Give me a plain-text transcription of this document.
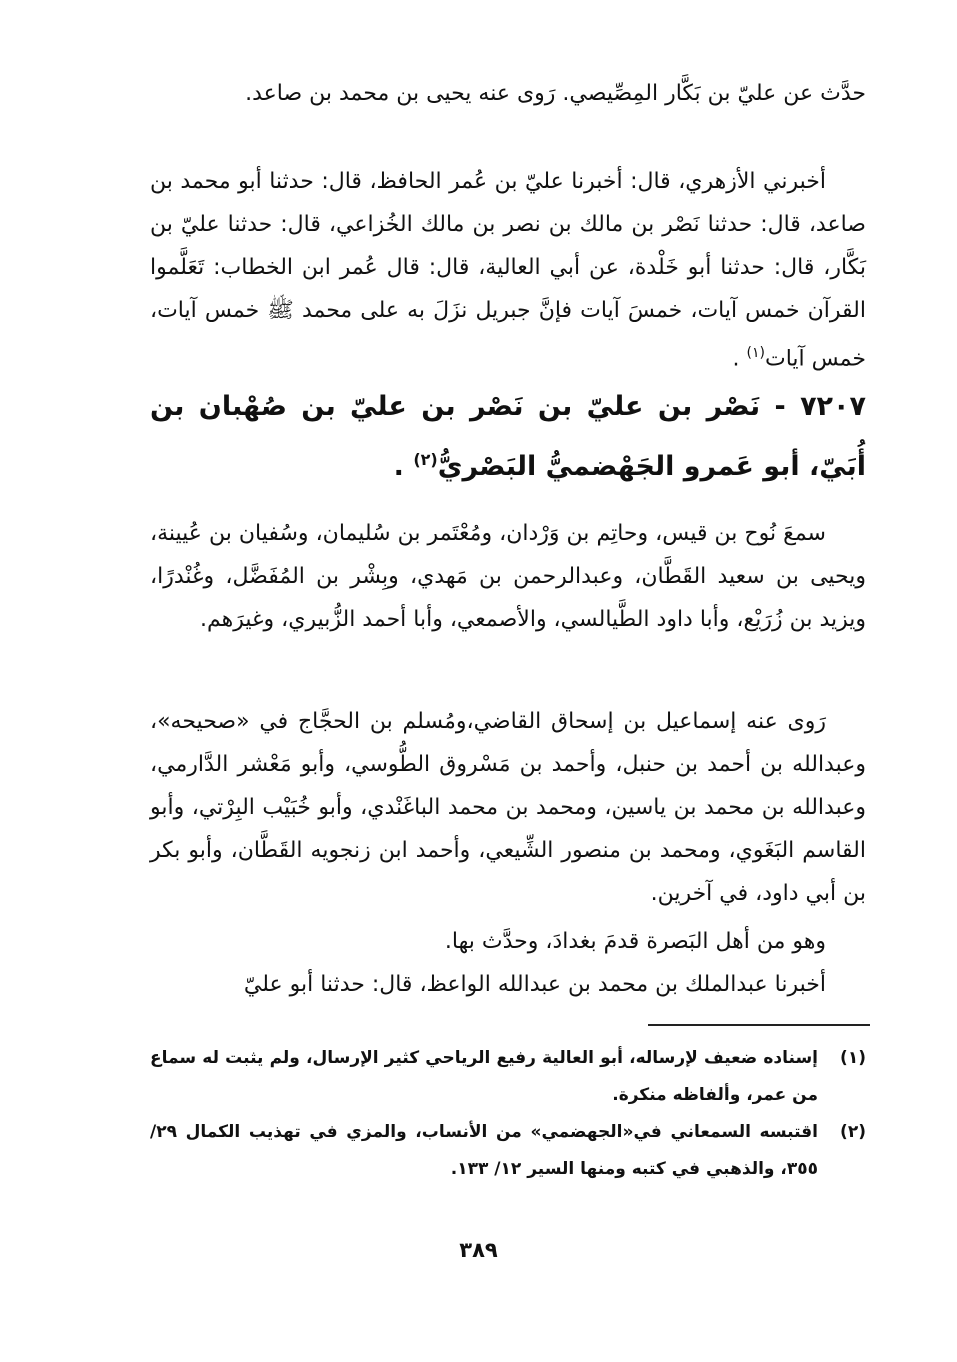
حدَّث عن عليّ بن بَكَّار المِصِّيصي. رَوى عنه يحيى بن محمد بن صاعد.
أخبرني الأزهري، قال: أخبرنا عليّ بن عُمر الحافظ، قال: حدثنا أبو محمد بن صاعد، قال: حدثنا نَصْر بن مالك بن نصر بن مالك الخُزاعي، قال: حدثنا عليّ بن بَكَّار، قال: حدثنا أبو خَلْدة، عن أبي العالية، قال: قال عُمر ابن الخطاب: تَعَلَّموا القرآن خمس آيات، خمسَ آيات فإنَّ جبريل نزَلَ به على محمد ﷺ خمس آيات، خمس آيات$^{(١)}$ .
٧٢٠٧ - نَصْر بن عليّ بن نَصْر بن عليّ بن صُهْبان بن أُبَيّ، أبو عَمرو الجَهْضميُّ البَصْريُّ$^{(٢)}$ .
سمعَ نُوح بن قيس، وحاتِم بن وَرْدان، ومُعْتَمر بن سُليمان، وسُفيان بن عُيينة، ويحيى بن سعيد القَطَّان، وعبدالرحمن بن مَهدي، وبِشْر بن المُفَضَّل، وغُنْدرًا، ويزيد بن زُرَيْع، وأبا داود الطَّيالسي، والأصمعي، وأبا أحمد الزُّبيري، وغيرَهم.
رَوى عنه إسماعيل بن إسحاق القاضي،ومُسلم بن الحجَّاج في «صحيحه»، وعبدالله بن أحمد بن حنبل، وأحمد بن مَسْروق الطُّوسي، وأبو مَعْشر الدَّارمي، وعبدالله بن محمد بن ياسين، ومحمد بن محمد الباغَنْدي، وأبو خُبَيْب البِرْتي، وأبو القاسم البَغَوي، ومحمد بن منصور الشِّيعي، وأحمد ابن زنجويه القَطَّان، وأبو بكر بن أبي داود، في آخرين.
وهو من أهل البَصرة قدمَ بغدادَ، وحدَّث بها.
أخبرنا عبدالملك بن محمد بن عبدالله الواعظ، قال: حدثنا أبو عليّ
(١)
إسناده ضعيف لإرساله، أبو العالية رفيع الرياحي كثير الإرسال، ولم يثبت له سماع من عمر، وألفاظه منكرة.
(٢)
اقتبسه السمعاني في«الجهضمي» من الأنساب، والمزي في تهذيب الكمال ٢٩/ ٣٥٥، والذهبي في كتبه ومنها السير ١٢/ ١٣٣.
٣٨٩
